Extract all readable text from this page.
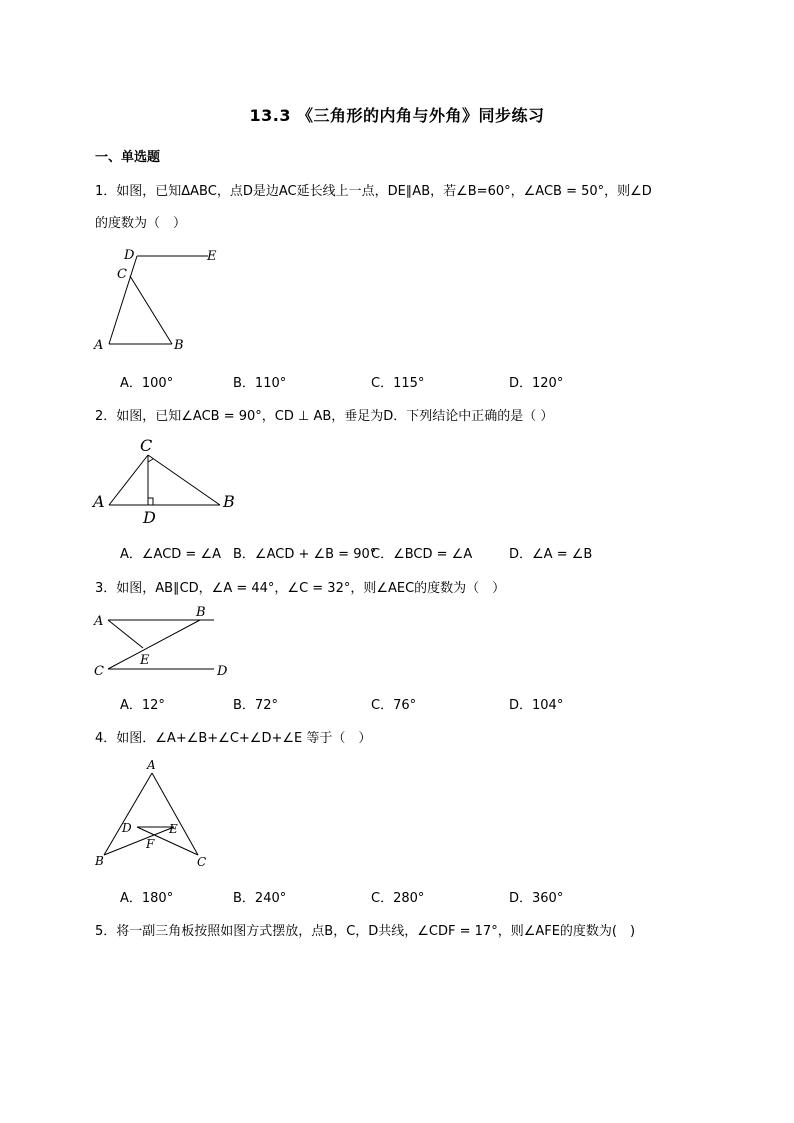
13.3 《三角形的内角与外角》同步练习
一、单选题
1．如图，已知ΔABC，点D是边AC延长线上一点，DE∥AB，若∠B=60°，∠ACB = 50°，则∠D
的度数为（　）
D	E
C
A	B
A．100°	B．110°	C．115°	D．120°
2．如图，已知∠ACB = 90°，CD ⊥ AB，垂足为D．下列结论中正确的是（ ）
C
A	B
D
A．∠ACD = ∠A B．∠ACD + ∠B = 90°
C．∠BCD = ∠A	D．∠A = ∠B
3．如图，AB∥CD，∠A = 44°，∠C = 32°，则∠AEC的度数为（　）
A
B
C	D
E
A．12°	B．72°	C．76°	D．104°
4．如图．∠A+∠B+∠C+∠D+∠E 等于（　）
A
B	C
D	E
F
A．180°	B．240°	C．280°	D．360°
5．将一副三角板按照如图方式摆放，点B，C，D共线，∠CDF = 17°，则∠AFE的度数为(　)
